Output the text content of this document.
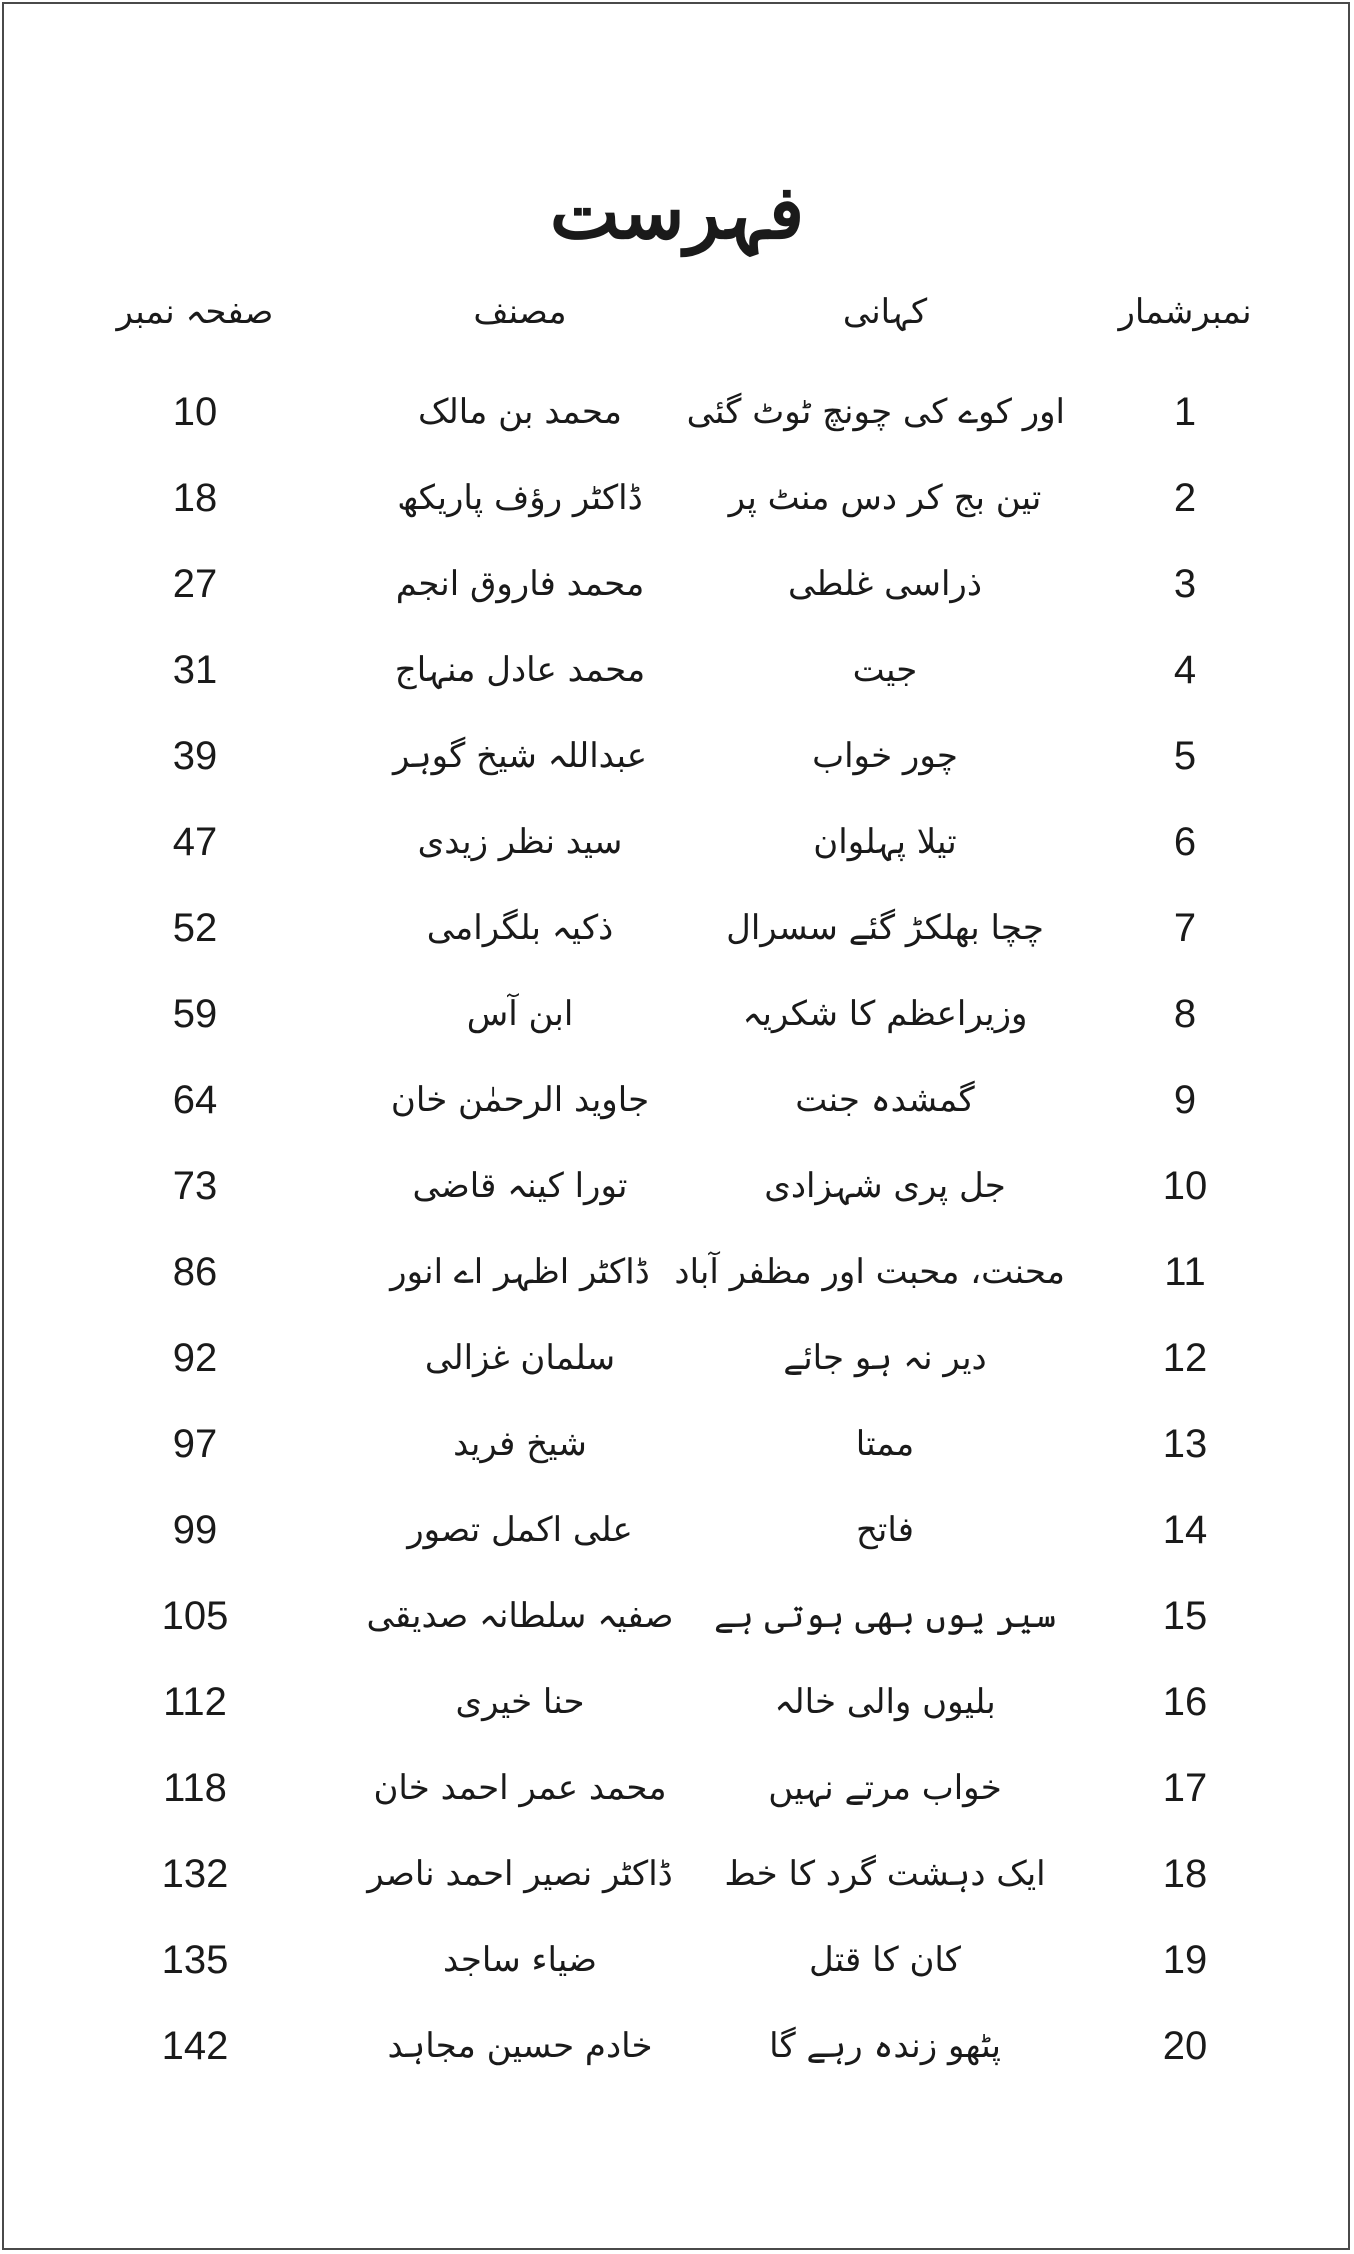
فہرست
نمبرشمار
کہانی
مصنف
صفحہ نمبر
1
اور کوے کی چونچ ٹوٹ گئی
محمد بن مالک
10
2
تین بج کر دس منٹ پر
ڈاکٹر رؤف پاریکھ
18
3
ذراسی غلطی
محمد فاروق انجم
27
4
جیت
محمد عادل منہاج
31
5
چور خواب
عبداللہ شیخ گوہر
39
6
تیلا پہلوان
سید نظر زیدی
47
7
چچا بھلکڑ گئے سسرال
ذکیہ بلگرامی
52
8
وزیراعظم کا شکریہ
ابن آس
59
9
گمشدہ جنت
جاوید الرحمٰن خان
64
10
جل پری شہزادی
تورا کینہ قاضی
73
11
محنت، محبت اور مظفر آباد
ڈاکٹر اظہر اے انور
86
12
دیر نہ ہو جائے
سلمان غزالی
92
13
ممتا
شیخ فرید
97
14
فاتح
علی اکمل تصور
99
15
سیر یوں بھی ہوتی ہے
صفیہ سلطانہ صدیقی
105
16
بلیوں والی خالہ
حنا خیری
112
17
خواب مرتے نہیں
محمد عمر احمد خان
118
18
ایک دہشت گرد کا خط
ڈاکٹر نصیر احمد ناصر
132
19
کان کا قتل
ضیاء ساجد
135
20
پٹھو زندہ رہے گا
خادم حسین مجاہد
142
